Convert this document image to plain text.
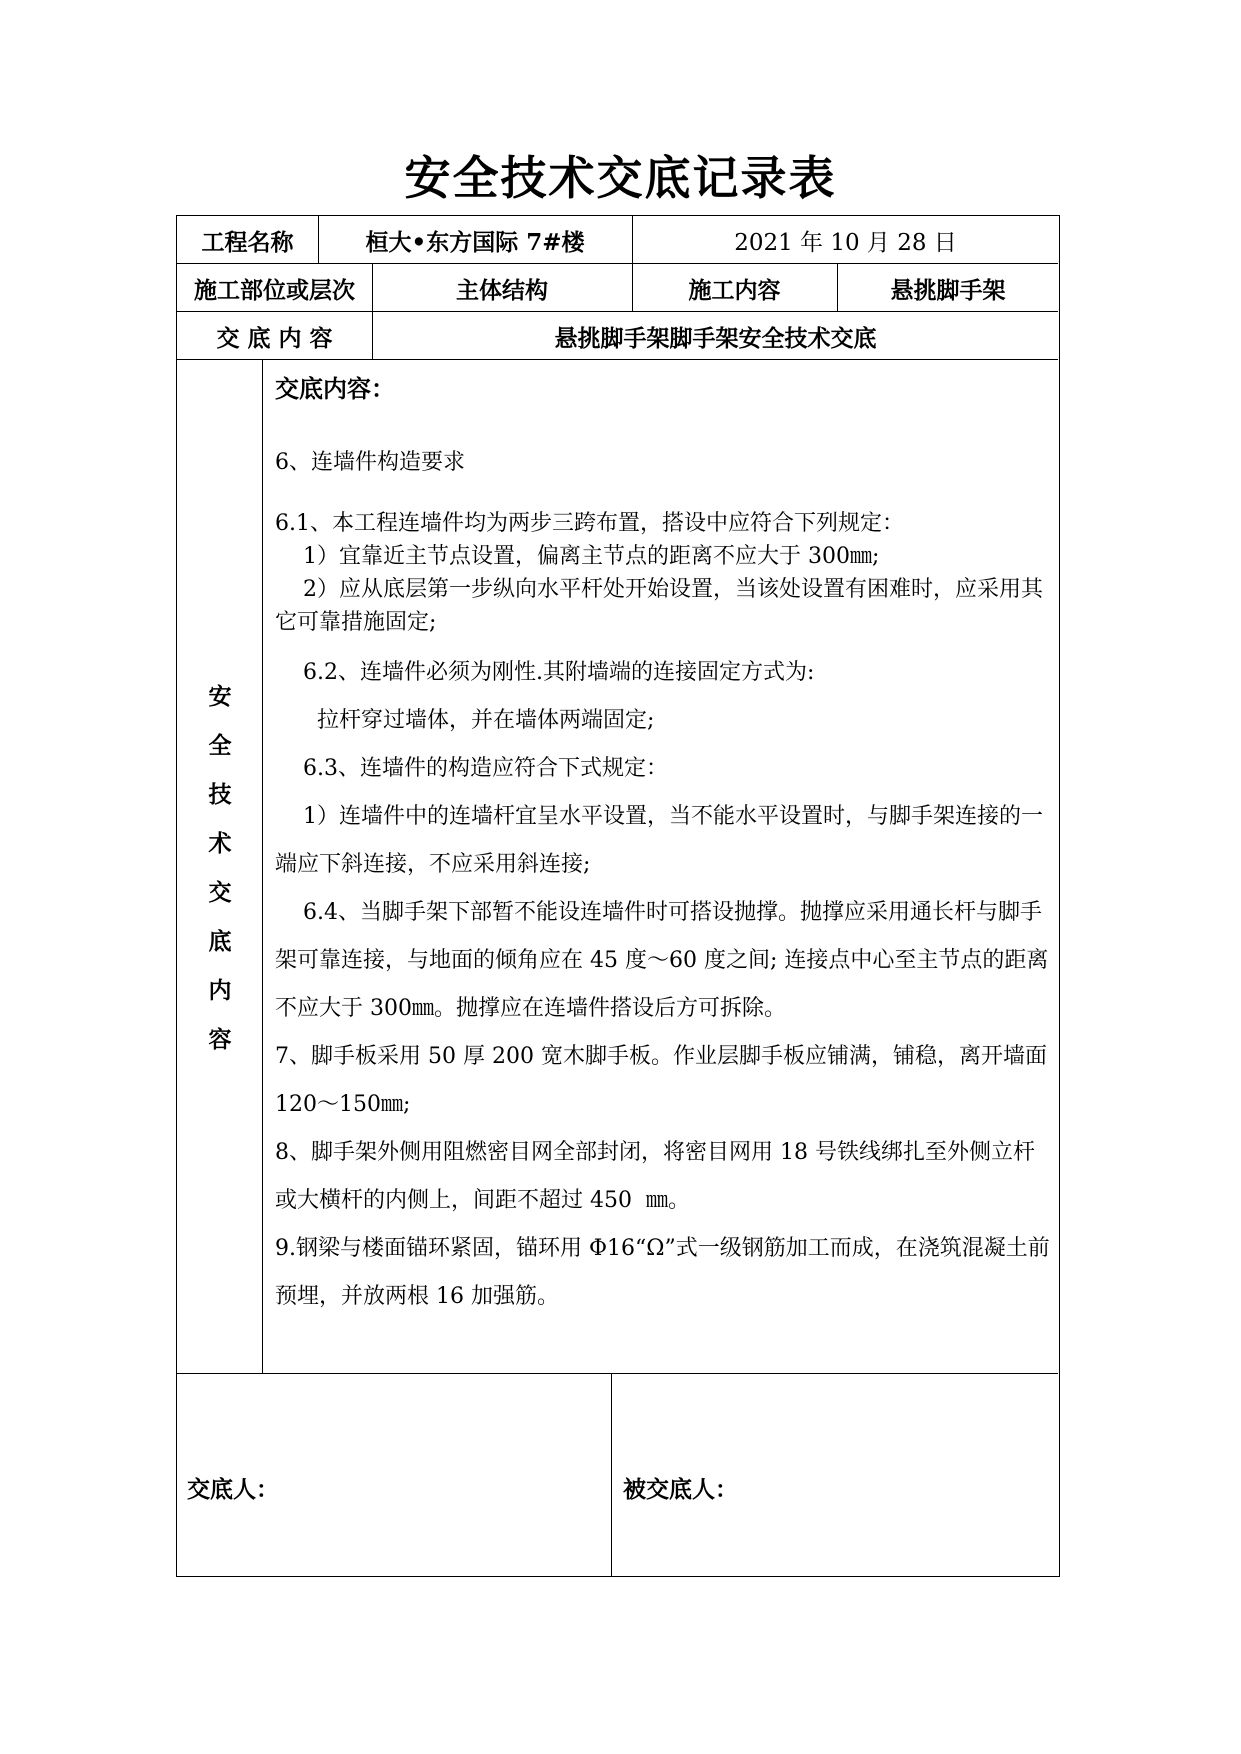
安全技术交底记录表
工程名称	桓大•东方国际 7#楼	2021 年 10 月 28 日
施工部位或层次	主体结构	施工内容	悬挑脚手架
交 底 内 容	悬挑脚手架脚手架安全技术交底
安
全
技
术
交
底
内
容
交底内容：
6、连墙件构造要求
6.1、本工程连墙件均为两步三跨布置，搭设中应符合下列规定：
1）宜靠近主节点设置，偏离主节点的距离不应大于 300㎜;
2）应从底层第一步纵向水平杆处开始设置，当该处设置有困难时，应采用其它可靠措施固定;
6.2、连墙件必须为刚性.其附墙端的连接固定方式为:
拉杆穿过墙体，并在墙体两端固定;
6.3、连墙件的构造应符合下式规定：
1）连墙件中的连墙杆宜呈水平设置，当不能水平设置时，与脚手架连接的一端应下斜连接，不应采用斜连接;
6.4、当脚手架下部暂不能设连墙件时可搭设抛撑。抛撑应采用通长杆与脚手架可靠连接，与地面的倾角应在 45 度～60 度之间; 连接点中心至主节点的距离不应大于 300㎜。抛撑应在连墙件搭设后方可拆除。
7、脚手板采用 50 厚 200 宽木脚手板。作业层脚手板应铺满，铺稳，离开墙面 120～150㎜;
8、脚手架外侧用阻燃密目网全部封闭，将密目网用 18 号铁线绑扎至外侧立杆或大横杆的内侧上，间距不超过 450  ㎜。
9.钢梁与楼面锚环紧固，锚环用 Φ16“Ω”式一级钢筋加工而成，在浇筑混凝土前预埋，并放两根 16 加强筋。
交底人：	被交底人：
